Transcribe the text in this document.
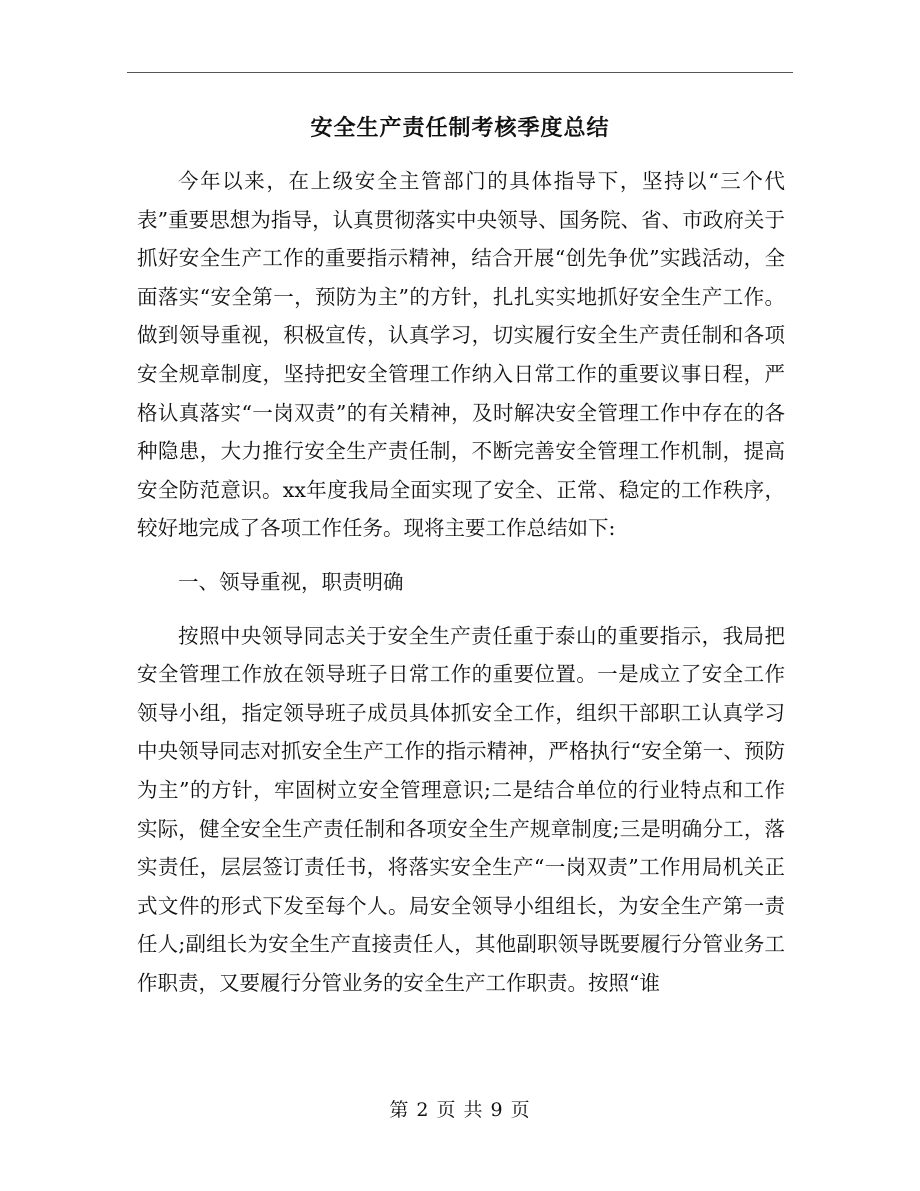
安全生产责任制考核季度总结

今年以来，在上级安全主管部门的具体指导下，坚持以“三个代表”重要思想为指导，认真贯彻落实中央领导、国务院、省、市政府关于抓好安全生产工作的重要指示精神，结合开展“创先争优”实践活动，全面落实“安全第一，预防为主”的方针，扎扎实实地抓好安全生产工作。做到领导重视，积极宣传，认真学习，切实履行安全生产责任制和各项安全规章制度，坚持把安全管理工作纳入日常工作的重要议事日程，严格认真落实“一岗双责”的有关精神，及时解决安全管理工作中存在的各种隐患，大力推行安全生产责任制，不断完善安全管理工作机制，提高安全防范意识。xx年度我局全面实现了安全、正常、稳定的工作秩序，较好地完成了各项工作任务。现将主要工作总结如下:

一、领导重视，职责明确

按照中央领导同志关于安全生产责任重于泰山的重要指示，我局把安全管理工作放在领导班子日常工作的重要位置。一是成立了安全工作领导小组，指定领导班子成员具体抓安全工作，组织干部职工认真学习中央领导同志对抓安全生产工作的指示精神，严格执行“安全第一、预防为主”的方针，牢固树立安全管理意识;二是结合单位的行业特点和工作实际，健全安全生产责任制和各项安全生产规章制度;三是明确分工，落实责任，层层签订责任书，将落实安全生产“一岗双责”工作用局机关正式文件的形式下发至每个人。局安全领导小组组长，为安全生产第一责任人;副组长为安全生产直接责任人，其他副职领导既要履行分管业务工作职责，又要履行分管业务的安全生产工作职责。按照“谁

第 2 页 共 9 页
